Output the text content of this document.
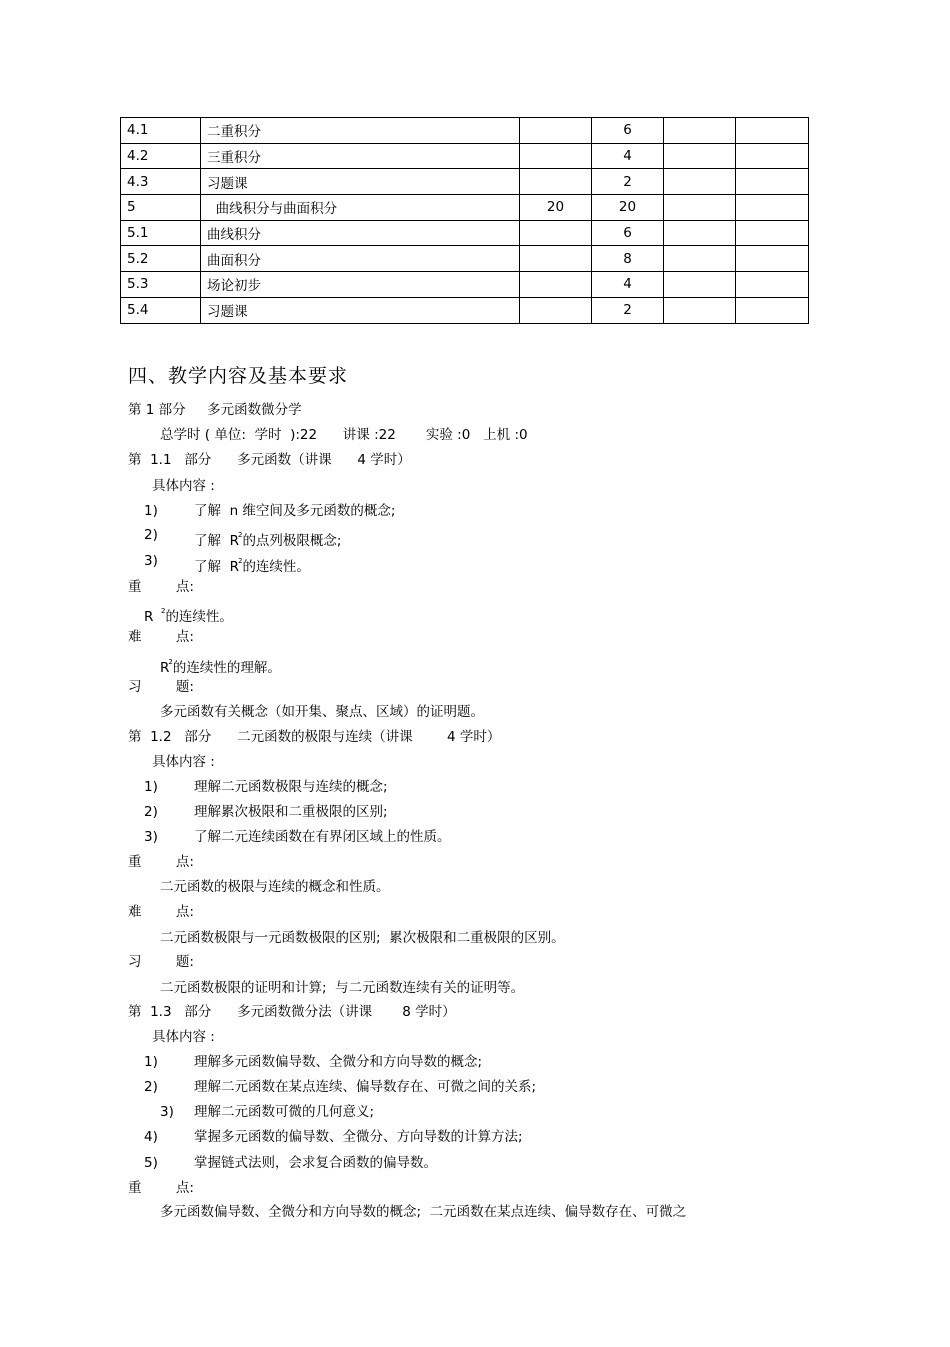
4.1	二重积分		6		
4.2	三重积分		4		
4.3	习题课		2		
5	曲线积分与曲面积分	20	20		
5.1	曲线积分		6		
5.2	曲面积分		8		
5.3	场论初步		4		
5.4	习题课		2		
四、教学内容及基本要求
第 1 部分     多元函数微分学
总学时 ( 单位:  学时  ):22      讲课 :22       实验 :0   上机 :0
第  1.1   部分      多元函数（讲课      4 学时）
具体内容 :
1)	了解  n 维空间及多元函数的概念;
2)	了解  $R^2$的点列极限概念;
3)	了解  $R^2$的连续性。
重        点:
R  $^2$的连续性。
难        点:
$R^2$的连续性的理解。
习        题:
多元函数有关概念（如开集、聚点、区域）的证明题。
第  1.2   部分      二元函数的极限与连续（讲课        4 学时）
具体内容 :
1)	理解二元函数极限与连续的概念;
2)	理解累次极限和二重极限的区别;
3)	了解二元连续函数在有界闭区域上的性质。
重        点:
二元函数的极限与连续的概念和性质。
难        点:
二元函数极限与一元函数极限的区别;  累次极限和二重极限的区别。
习        题:
二元函数极限的证明和计算;  与二元函数连续有关的证明等。
第  1.3   部分      多元函数微分法（讲课       8 学时）
具体内容 :
1)	理解多元函数偏导数、全微分和方向导数的概念;
2)	理解二元函数在某点连续、偏导数存在、可微之间的关系;
3) 理解二元函数可微的几何意义;
4)	掌握多元函数的偏导数、全微分、方向导数的计算方法;
5)	掌握链式法则，会求复合函数的偏导数。
重        点:
多元函数偏导数、全微分和方向导数的概念;  二元函数在某点连续、偏导数存在、可微之
